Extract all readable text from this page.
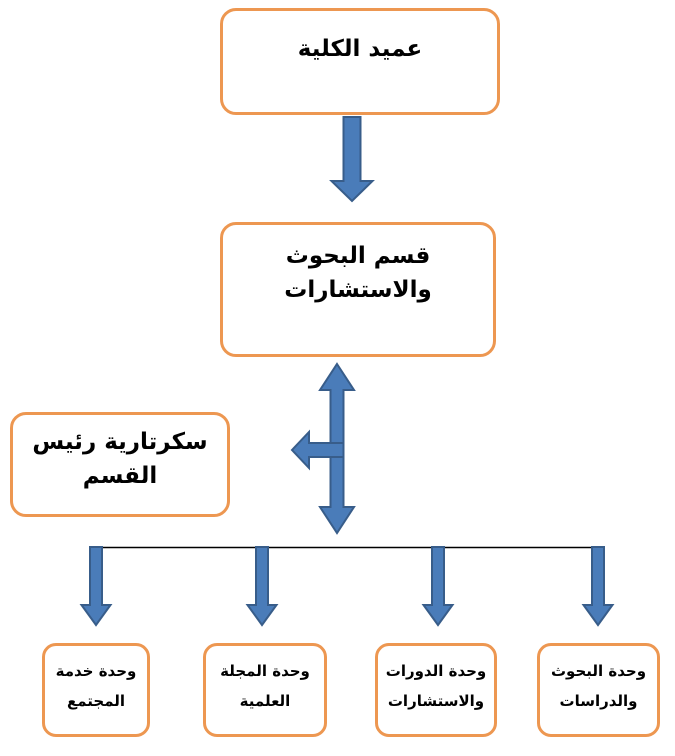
عميد الكلية
قسم البحوث
والاستشارات
سكرتارية رئيس
القسم
وحدة خدمة
المجتمع
وحدة المجلة
العلمية
وحدة الدورات
والاستشارات
وحدة البحوث
والدراسات
